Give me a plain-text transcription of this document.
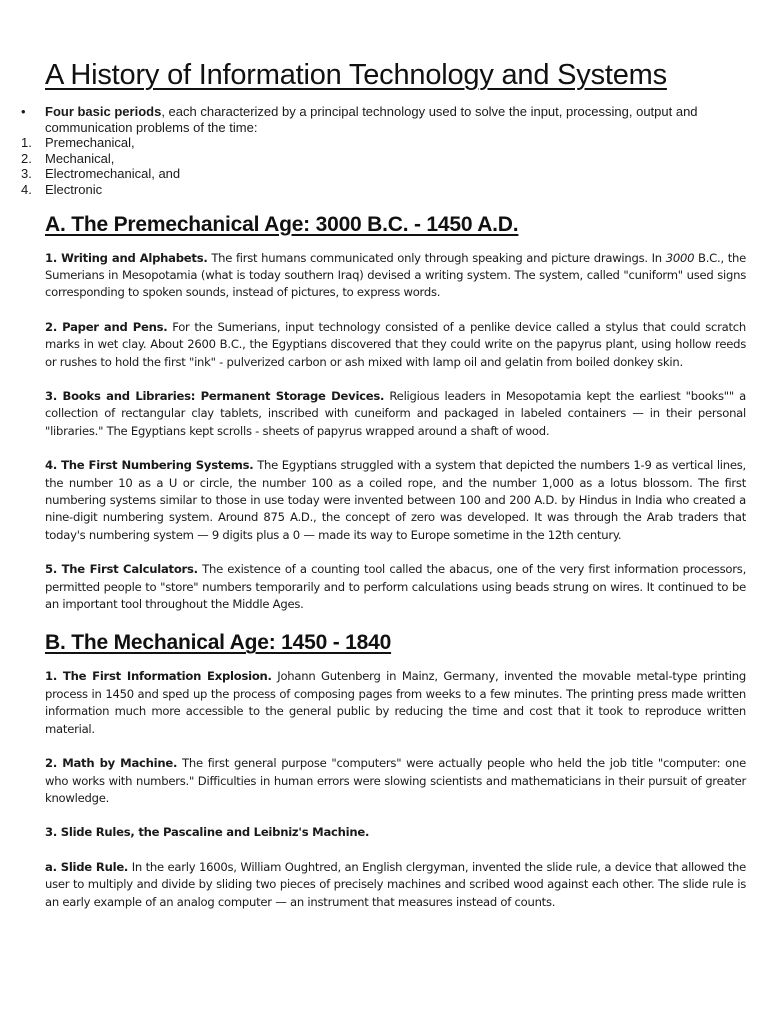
A History of Information Technology and Systems
• Four basic periods, each characterized by a principal technology used to solve the input, processing, output and communication problems of the time:
1. Premechanical,
2. Mechanical,
3. Electromechanical, and
4. Electronic
A. The Premechanical Age: 3000 B.C. - 1450 A.D.

1. Writing and Alphabets. The first humans communicated only through speaking and picture drawings. In 3000 B.C., the Sumerians in Mesopotamia (what is today southern Iraq) devised a writing system. The system, called "cuniform" used signs corresponding to spoken sounds, instead of pictures, to express words.

2. Paper and Pens. For the Sumerians, input technology consisted of a penlike device called a stylus that could scratch marks in wet clay. About 2600 B.C., the Egyptians discovered that they could write on the papyrus plant, using hollow reeds or rushes to hold the first "ink" - pulverized carbon or ash mixed with lamp oil and gelatin from boiled donkey skin.

3. Books and Libraries: Permanent Storage Devices. Religious leaders in Mesopotamia kept the earliest "books"" a collection of rectangular clay tablets, inscribed with cuneiform and packaged in labeled containers — in their personal "libraries." The Egyptians kept scrolls - sheets of papyrus wrapped around a shaft of wood.

4. The First Numbering Systems. The Egyptians struggled with a system that depicted the numbers 1-9 as vertical lines, the number 10 as a U or circle, the number 100 as a coiled rope, and the number 1,000 as a lotus blossom. The first numbering systems similar to those in use today were invented between 100 and 200 A.D. by Hindus in India who created a nine-digit numbering system. Around 875 A.D., the concept of zero was developed. It was through the Arab traders that today's numbering system — 9 digits plus a 0 — made its way to Europe sometime in the 12th century.

5. The First Calculators. The existence of a counting tool called the abacus, one of the very first information processors, permitted people to "store" numbers temporarily and to perform calculations using beads strung on wires. It continued to be an important tool throughout the Middle Ages.

B. The Mechanical Age: 1450 - 1840

1. The First Information Explosion. Johann Gutenberg in Mainz, Germany, invented the movable metal-type printing process in 1450 and sped up the process of composing pages from weeks to a few minutes. The printing press made written information much more accessible to the general public by reducing the time and cost that it took to reproduce written material.

2. Math by Machine. The first general purpose "computers" were actually people who held the job title "computer: one who works with numbers." Difficulties in human errors were slowing scientists and mathematicians in their pursuit of greater knowledge.

3. Slide Rules, the Pascaline and Leibniz's Machine.

a. Slide Rule. In the early 1600s, William Oughtred, an English clergyman, invented the slide rule, a device that allowed the user to multiply and divide by sliding two pieces of precisely machines and scribed wood against each other. The slide rule is an early example of an analog computer — an instrument that measures instead of counts.
